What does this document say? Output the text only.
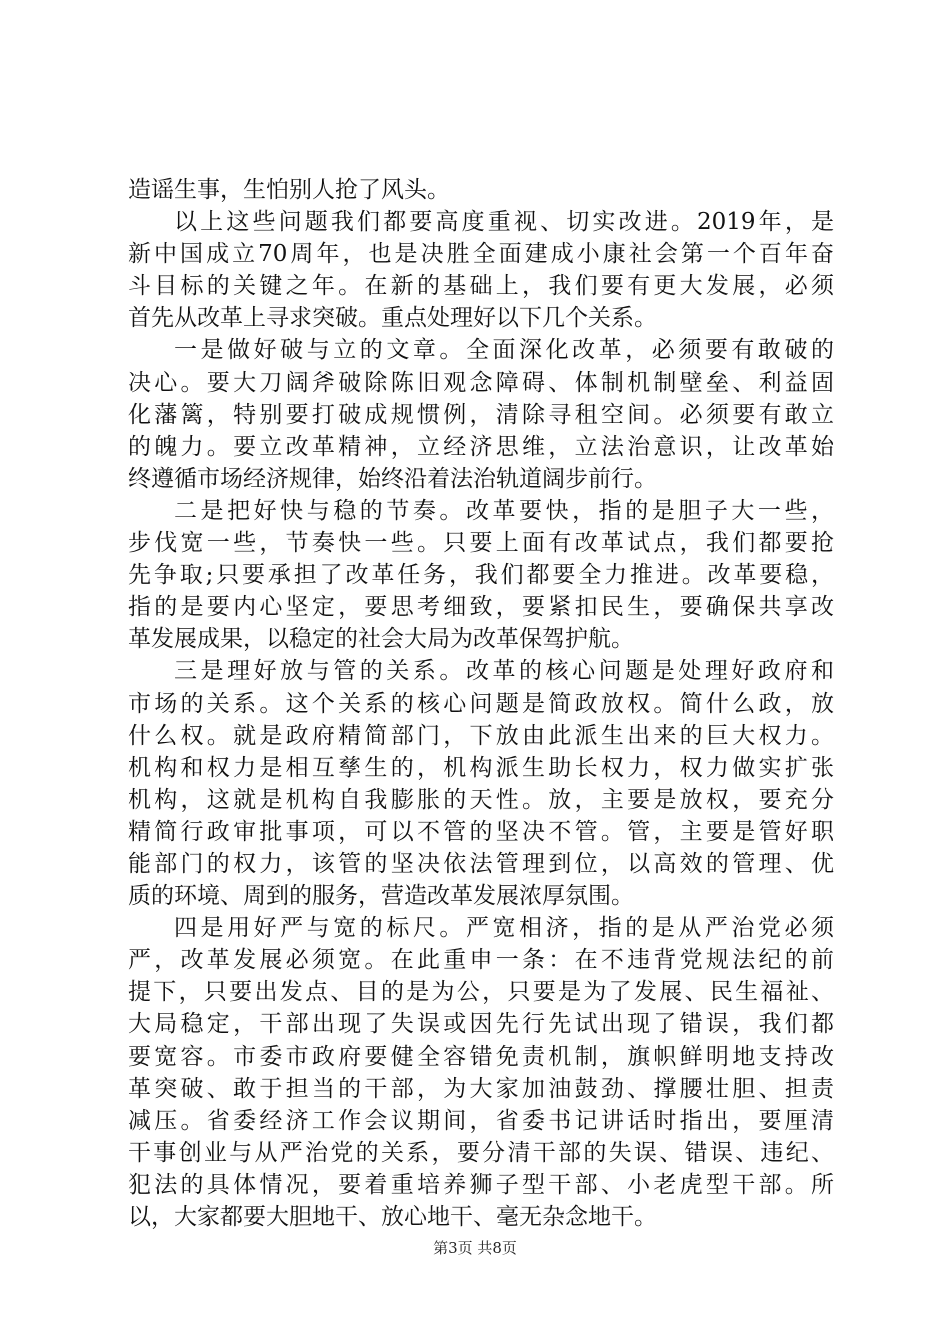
造谣生事，生怕别人抢了风头。
以上这些问题我们都要高度重视、切实改进。2019年，是
新中国成立70周年，也是决胜全面建成小康社会第一个百年奋
斗目标的关键之年。在新的基础上，我们要有更大发展，必须
首先从改革上寻求突破。重点处理好以下几个关系。
一是做好破与立的文章。全面深化改革，必须要有敢破的
决心。要大刀阔斧破除陈旧观念障碍、体制机制壁垒、利益固
化藩篱，特别要打破成规惯例，清除寻租空间。必须要有敢立
的魄力。要立改革精神，立经济思维，立法治意识，让改革始
终遵循市场经济规律，始终沿着法治轨道阔步前行。
二是把好快与稳的节奏。改革要快，指的是胆子大一些，
步伐宽一些，节奏快一些。只要上面有改革试点，我们都要抢
先争取;只要承担了改革任务，我们都要全力推进。改革要稳，
指的是要内心坚定，要思考细致，要紧扣民生，要确保共享改
革发展成果，以稳定的社会大局为改革保驾护航。
三是理好放与管的关系。改革的核心问题是处理好政府和
市场的关系。这个关系的核心问题是简政放权。简什么政，放
什么权。就是政府精简部门，下放由此派生出来的巨大权力。
机构和权力是相互孳生的，机构派生助长权力，权力做实扩张
机构，这就是机构自我膨胀的天性。放，主要是放权，要充分
精简行政审批事项，可以不管的坚决不管。管，主要是管好职
能部门的权力，该管的坚决依法管理到位，以高效的管理、优
质的环境、周到的服务，营造改革发展浓厚氛围。
四是用好严与宽的标尺。严宽相济，指的是从严治党必须
严，改革发展必须宽。在此重申一条：在不违背党规法纪的前
提下，只要出发点、目的是为公，只要是为了发展、民生福祉、
大局稳定，干部出现了失误或因先行先试出现了错误，我们都
要宽容。市委市政府要健全容错免责机制，旗帜鲜明地支持改
革突破、敢于担当的干部，为大家加油鼓劲、撑腰壮胆、担责
减压。省委经济工作会议期间，省委书记讲话时指出，要厘清
干事创业与从严治党的关系，要分清干部的失误、错误、违纪、
犯法的具体情况，要着重培养狮子型干部、小老虎型干部。所
以，大家都要大胆地干、放心地干、毫无杂念地干。
第3页 共8页
